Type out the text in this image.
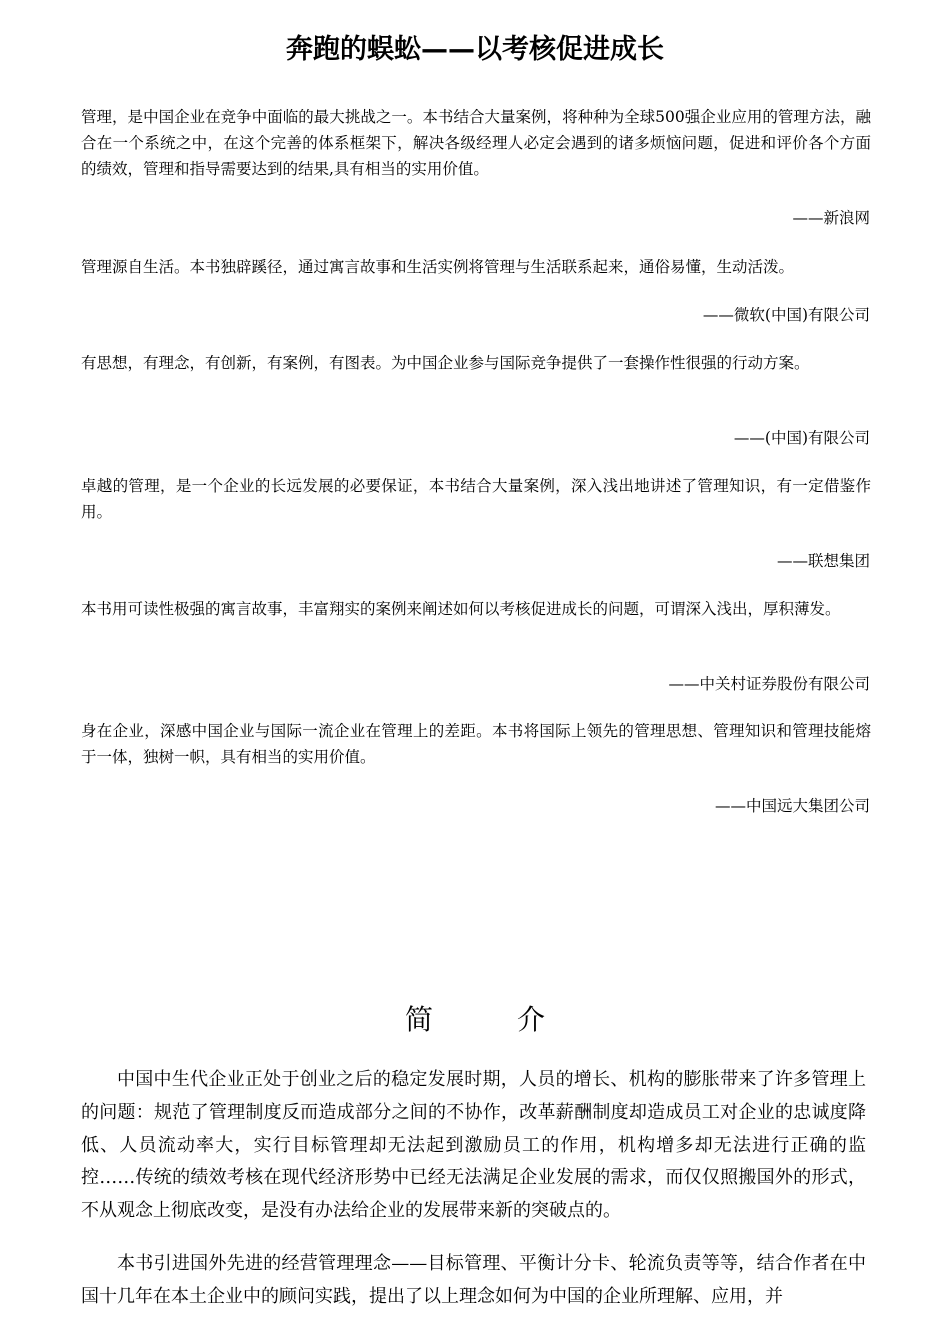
奔跑的蜈蚣——以考核促进成长
管理，是中国企业在竞争中面临的最大挑战之一。本书结合大量案例，将种种为全球500强企业应用的管理方法，融合在一个系统之中，在这个完善的体系框架下，解决各级经理人必定会遇到的诸多烦恼问题，促进和评价各个方面的绩效，管理和指导需要达到的结果,具有相当的实用价值。
——新浪网
管理源自生活。本书独辟蹊径，通过寓言故事和生活实例将管理与生活联系起来，通俗易懂，生动活泼。
——微软(中国)有限公司
有思想，有理念，有创新，有案例，有图表。为中国企业参与国际竞争提供了一套操作性很强的行动方案。
——(中国)有限公司
卓越的管理，是一个企业的长远发展的必要保证，本书结合大量案例，深入浅出地讲述了管理知识，有一定借鉴作用。
——联想集团
本书用可读性极强的寓言故事，丰富翔实的案例来阐述如何以考核促进成长的问题，可谓深入浅出，厚积薄发。
——中关村证券股份有限公司
身在企业，深感中国企业与国际一流企业在管理上的差距。本书将国际上领先的管理思想、管理知识和管理技能熔于一体，独树一帜，具有相当的实用价值。
——中国远大集团公司
简	介
中国中生代企业正处于创业之后的稳定发展时期，人员的增长、机构的膨胀带来了许多管理上的问题：规范了管理制度反而造成部分之间的不协作，改革薪酬制度却造成员工对企业的忠诚度降低、人员流动率大，实行目标管理却无法起到激励员工的作用，机构增多却无法进行正确的监控……传统的绩效考核在现代经济形势中已经无法满足企业发展的需求，而仅仅照搬国外的形式，不从观念上彻底改变，是没有办法给企业的发展带来新的突破点的。
本书引进国外先进的经营管理理念——目标管理、平衡计分卡、轮流负责等等，结合作者在中国十几年在本土企业中的顾问实践，提出了以上理念如何为中国的企业所理解、应用，并
